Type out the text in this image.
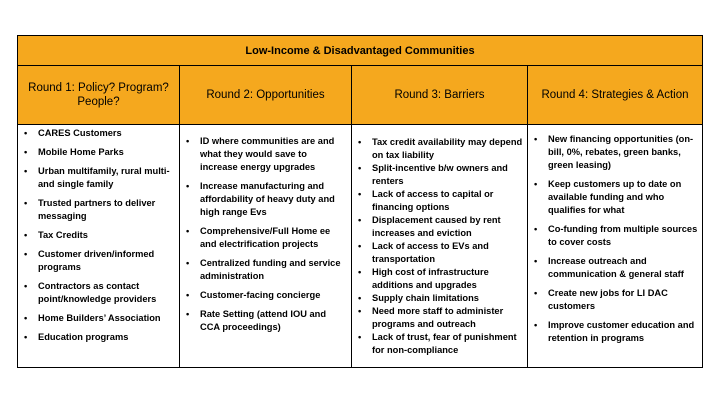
Low-Income & Disadvantaged Communities
Round 1: Policy? Program? People?
Round 2: Opportunities	Round 3: Barriers	Round 4: Strategies & Action
• CARES Customers
• Mobile Home Parks
• Urban multifamily, rural multi-and single family
• Trusted partners to deliver messaging
• Tax Credits
• Customer driven/informed programs
• Contractors as contact point/knowledge providers
• Home Builders’ Association
• Education programs
• ID where communities are and what they would save to increase energy upgrades
• Increase manufacturing and affordability of heavy duty and high range Evs
• Comprehensive/Full Home ee and electrification projects
• Centralized funding and service administration
• Customer-facing concierge
• Rate Setting (attend IOU and CCA proceedings)
• Tax credit availability may depend on tax liability
• Split-incentive b/w owners and renters
• Lack of access to capital or financing options
• Displacement caused by rent increases and eviction
• Lack of access to EVs and transportation
• High cost of infrastructure additions and upgrades
• Supply chain limitations
• Need more staff to administer programs and outreach
• Lack of trust, fear of punishment for non-compliance
• New financing opportunities (on-bill, 0%, rebates, green banks, green leasing)
• Keep customers up to date on available funding and who qualifies for what
• Co-funding from multiple sources to cover costs
• Increase outreach and communication & general staff
• Create new jobs for LI DAC customers
• Improve customer education and retention in programs
